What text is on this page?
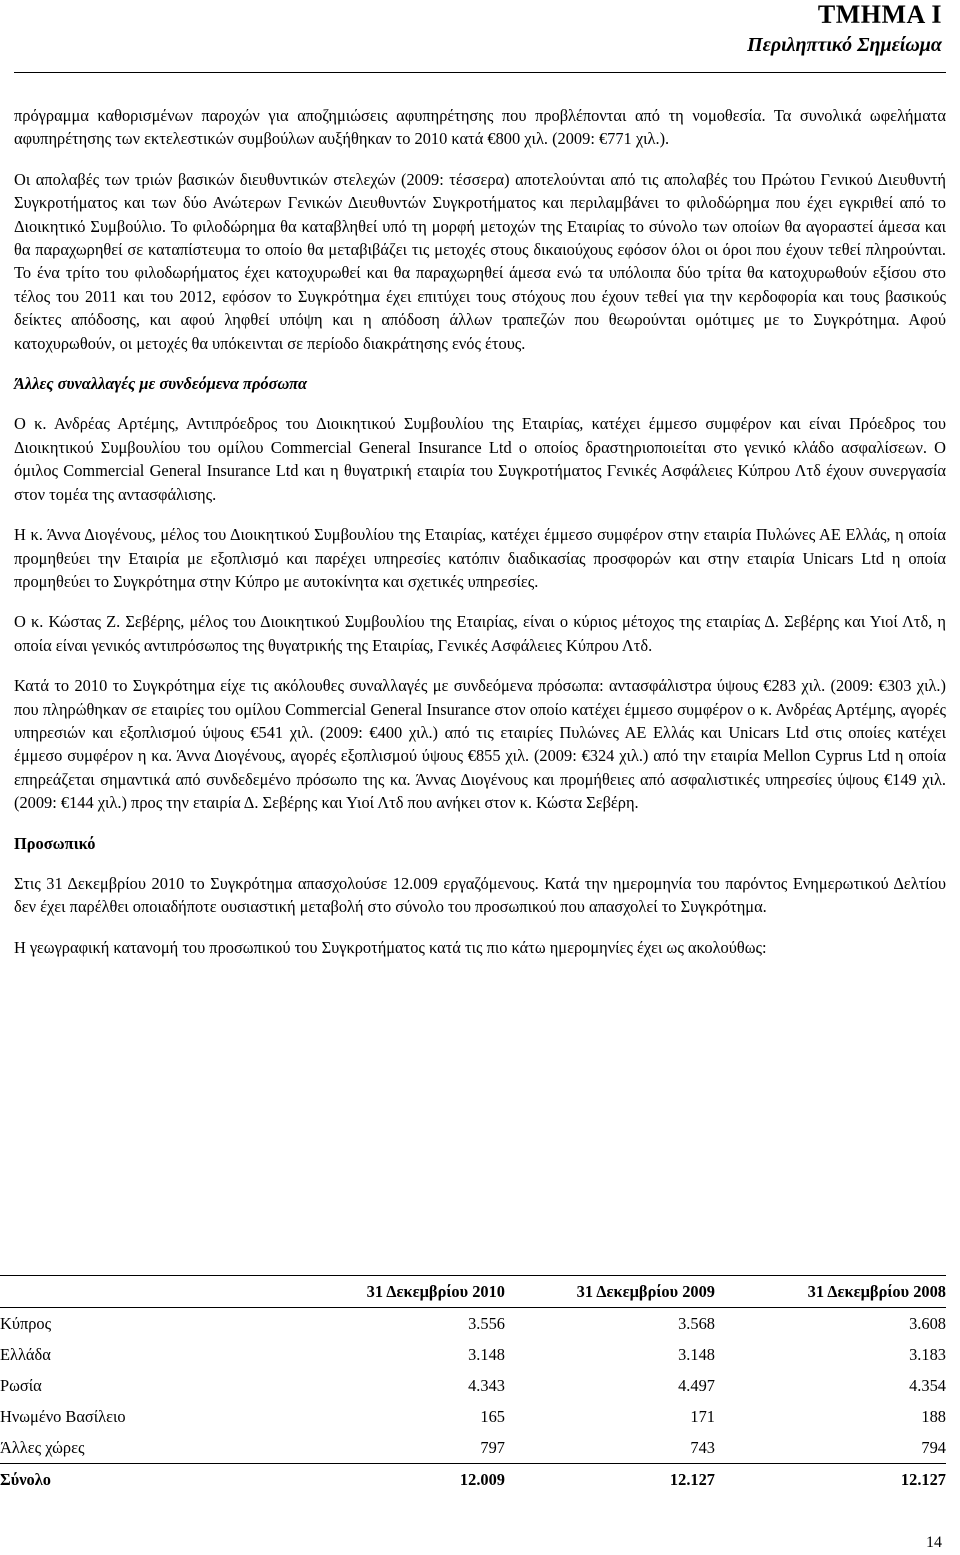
ΤΜΗΜΑ Ι
Περιληπτικό Σημείωμα

πρόγραμμα καθορισμένων παροχών για αποζημιώσεις αφυπηρέτησης που προβλέπονται από τη νομοθεσία. Τα συνολικά ωφελήματα αφυπηρέτησης των εκτελεστικών συμβούλων αυξήθηκαν το 2010 κατά €800 χιλ. (2009: €771 χιλ.).

Οι απολαβές των τριών βασικών διευθυντικών στελεχών (2009: τέσσερα) αποτελούνται από τις απολαβές του Πρώτου Γενικού Διευθυντή Συγκροτήματος και των δύο Ανώτερων Γενικών Διευθυντών Συγκροτήματος και περιλαμβάνει το φιλοδώρημα που έχει εγκριθεί από το Διοικητικό Συμβούλιο. Το φιλοδώρημα θα καταβληθεί υπό τη μορφή μετοχών της Εταιρίας το σύνολο των οποίων θα αγοραστεί άμεσα και θα παραχωρηθεί σε καταπίστευμα το οποίο θα μεταβιβάζει τις μετοχές στους δικαιούχους εφόσον όλοι οι όροι που έχουν τεθεί πληρούνται. Το ένα τρίτο του φιλοδωρήματος έχει κατοχυρωθεί και θα παραχωρηθεί άμεσα ενώ τα υπόλοιπα δύο τρίτα θα κατοχυρωθούν εξίσου στο τέλος του 2011 και του 2012, εφόσον το Συγκρότημα έχει επιτύχει τους στόχους που έχουν τεθεί για την κερδοφορία και τους βασικούς δείκτες απόδοσης, και αφού ληφθεί υπόψη και η απόδοση άλλων τραπεζών που θεωρούνται ομότιμες με το Συγκρότημα. Αφού κατοχυρωθούν, οι μετοχές θα υπόκεινται σε περίοδο διακράτησης ενός έτους.

Άλλες συναλλαγές με συνδεόμενα πρόσωπα

Ο κ. Ανδρέας Αρτέμης, Αντιπρόεδρος του Διοικητικού Συμβουλίου της Εταιρίας, κατέχει έμμεσο συμφέρον και είναι Πρόεδρος του Διοικητικού Συμβουλίου του ομίλου Commercial General Insurance Ltd ο οποίος δραστηριοποιείται στο γενικό κλάδο ασφαλίσεων. Ο όμιλος Commercial General Insurance Ltd και η θυγατρική εταιρία του Συγκροτήματος Γενικές Ασφάλειες Κύπρου Λτδ έχουν συνεργασία στον τομέα της αντασφάλισης.

Η κ. Άννα Διογένους, μέλος του Διοικητικού Συμβουλίου της Εταιρίας, κατέχει έμμεσο συμφέρον στην εταιρία Πυλώνες ΑΕ Ελλάς, η οποία προμηθεύει την Εταιρία με εξοπλισμό και παρέχει υπηρεσίες κατόπιν διαδικασίας προσφορών και στην εταιρία Unicars Ltd η οποία προμηθεύει το Συγκρότημα στην Κύπρο με αυτοκίνητα και σχετικές υπηρεσίες.

Ο κ. Κώστας Ζ. Σεβέρης, μέλος του Διοικητικού Συμβουλίου της Εταιρίας, είναι ο κύριος μέτοχος της εταιρίας Δ. Σεβέρης και Υιοί Λτδ, η οποία είναι γενικός αντιπρόσωπος της θυγατρικής της Εταιρίας, Γενικές Ασφάλειες Κύπρου Λτδ.

Κατά το 2010 το Συγκρότημα είχε τις ακόλουθες συναλλαγές με συνδεόμενα πρόσωπα: αντασφάλιστρα ύψους €283 χιλ. (2009: €303 χιλ.) που πληρώθηκαν σε εταιρίες του ομίλου Commercial General Insurance στον οποίο κατέχει έμμεσο συμφέρον ο κ. Ανδρέας Αρτέμης, αγορές υπηρεσιών και εξοπλισμού ύψους €541 χιλ. (2009: €400 χιλ.) από τις εταιρίες Πυλώνες ΑΕ Ελλάς και Unicars Ltd στις οποίες κατέχει έμμεσο συμφέρον η κα. Άννα Διογένους, αγορές εξοπλισμού ύψους €855 χιλ. (2009: €324 χιλ.) από την εταιρία Mellon Cyprus Ltd η οποία επηρεάζεται σημαντικά από συνδεδεμένο πρόσωπο της κα. Άννας Διογένους και προμήθειες από ασφαλιστικές υπηρεσίες ύψους €149 χιλ. (2009: €144 χιλ.) προς την εταιρία Δ. Σεβέρης και Υιοί Λτδ που ανήκει στον κ. Κώστα Σεβέρη.

Προσωπικό

Στις 31 Δεκεμβρίου 2010 το Συγκρότημα απασχολούσε 12.009 εργαζόμενους. Κατά την ημερομηνία του παρόντος Ενημερωτικού Δελτίου δεν έχει παρέλθει οποιαδήποτε ουσιαστική μεταβολή στο σύνολο του προσωπικού που απασχολεί το Συγκρότημα.

Η γεωγραφική κατανομή του προσωπικού του Συγκροτήματος κατά τις πιο κάτω ημερομηνίες έχει ως ακολούθως:

	31 Δεκεμβρίου 2010	31 Δεκεμβρίου 2009	31 Δεκεμβρίου 2008
Κύπρος	3.556	3.568	3.608
Ελλάδα	3.148	3.148	3.183
Ρωσία	4.343	4.497	4.354
Ηνωμένο Βασίλειο	165	171	188
Άλλες χώρες	797	743	794
Σύνολο	12.009	12.127	12.127
14
